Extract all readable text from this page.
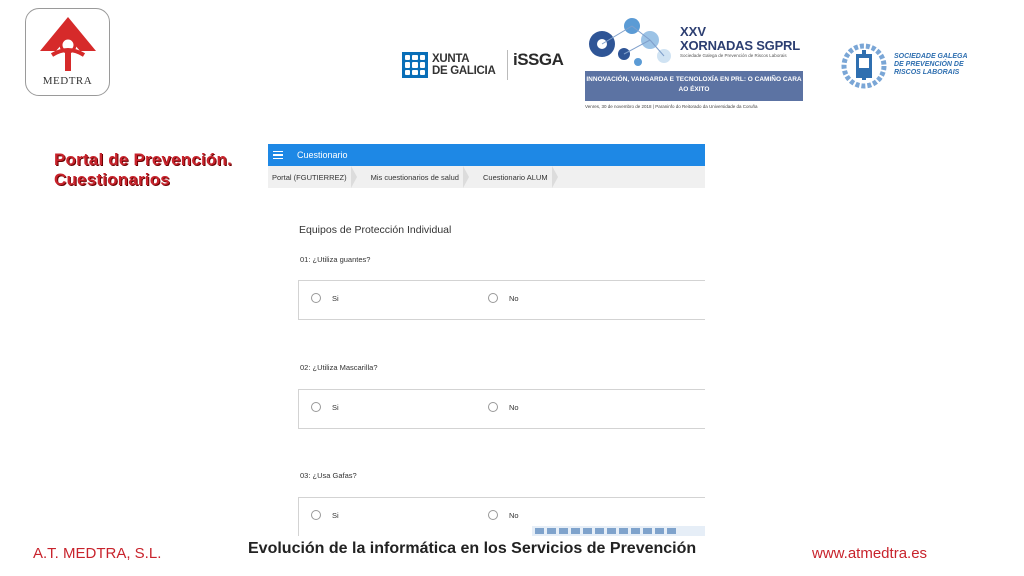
MEDTRA
XUNTA
DE GALICIA
iSSGA
XXV
XORNADAS SGPRL
Sociedade Galega de Prevención de Riscos Laborais
INNOVACIÓN, VANGARDA E TECNOLOXÍA EN PRL: O CAMIÑO CARA AO ÉXITO
Venres, 30 de novembro de 2018 | Paraninfo do Reitorado da Universidade da Coruña
SOCIEDADE GALEGA
DE PREVENCIÓN DE
RISCOS LABORAIS
Portal de Prevención.
Cuestionarios
Cuestionario
Portal (FGUTIERREZ)	Mis cuestionarios de salud	Cuestionario ALUM
Equipos de Protección Individual
01: ¿Utiliza guantes?
Si	No
02: ¿Utiliza Mascarilla?
Si	No
03: ¿Usa Gafas?
Si	No
A.T. MEDTRA, S.L.	Evolución de la informática en los Servicios de Prevención	www.atmedtra.es
